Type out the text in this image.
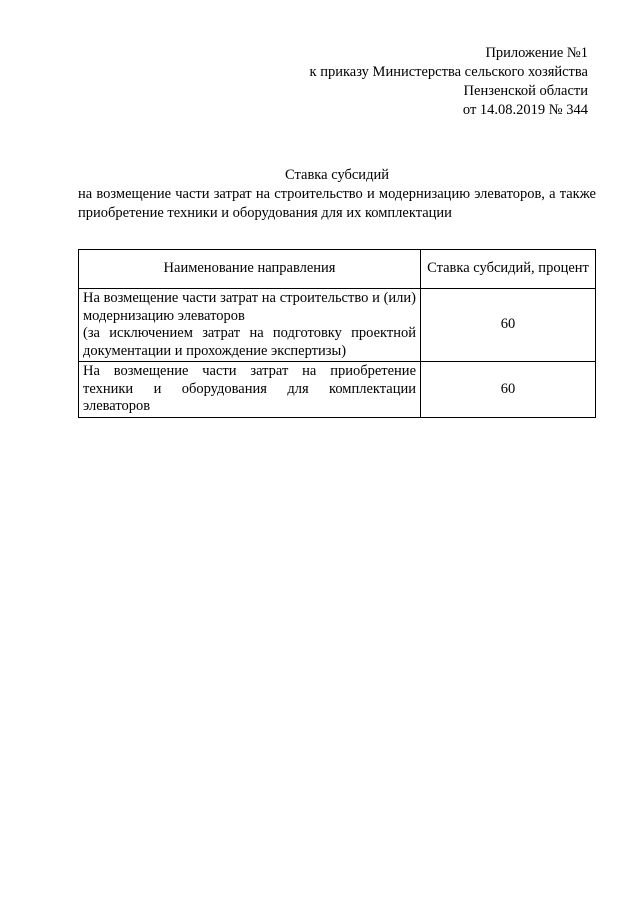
Приложение №1
к приказу Министерства сельского хозяйства
Пензенской области
от 14.08.2019 № 344
Ставка субсидий
на возмещение части затрат на строительство и модернизацию элеваторов, а также приобретение техники и оборудования для их комплектации
Наименование направления	Ставка субсидий, процент

На возмещение части затрат на строительство и (или) модернизацию элеваторов
(за исключением затрат на подготовку проектной документации и прохождение экспертизы)	60

На возмещение части затрат на приобретение техники и оборудования для комплектации элеваторов	60
